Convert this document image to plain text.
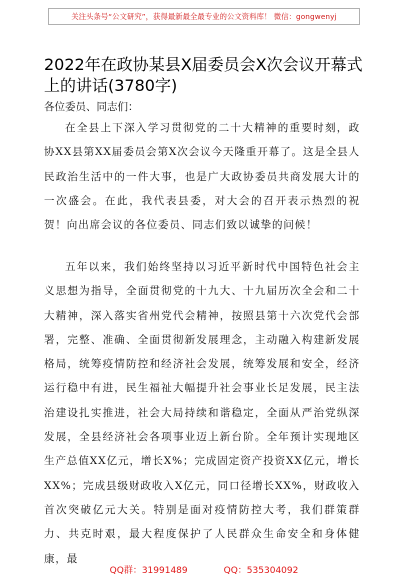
关注头条号“公文研究”，获得最新最全最专业的公文资料库！ 微信：gongwenyj
2022年在政协某县X届委员会X次会议开幕式上的讲话(3780字)

各位委员、同志们：

在全县上下深入学习贯彻党的二十大精神的重要时刻，政协XX县第XX届委员会第X次会议今天隆重开幕了。这是全县人民政治生活中的一件大事，也是广大政协委员共商发展大计的一次盛会。在此，我代表县委，对大会的召开表示热烈的祝贺！向出席会议的各位委员、同志们致以诚挚的问候！

五年以来，我们始终坚持以习近平新时代中国特色社会主义思想为指导，全面贯彻党的十九大、十九届历次全会和二十大精神，深入落实省州党代会精神，按照县第十六次党代会部署，完整、准确、全面贯彻新发展理念，主动融入构建新发展格局，统筹疫情防控和经济社会发展，统筹发展和安全，经济运行稳中有进，民生福祉大幅提升社会事业长足发展，民主法治建设扎实推进，社会大局持续和谐稳定，全面从严治党纵深发展，全县经济社会各项事业迈上新台阶。全年预计实现地区生产总值XX亿元，增长X%；完成固定资产投资XX亿元，增长XX%；完成县级财政收入X亿元，同口径增长XX%，财政收入首次突破亿元大关。特别是面对疫情防控大考，我们群策群力、共克时艰，最大程度保护了人民群众生命安全和身体健康，最

QQ群：31991489	QQ：535304092
